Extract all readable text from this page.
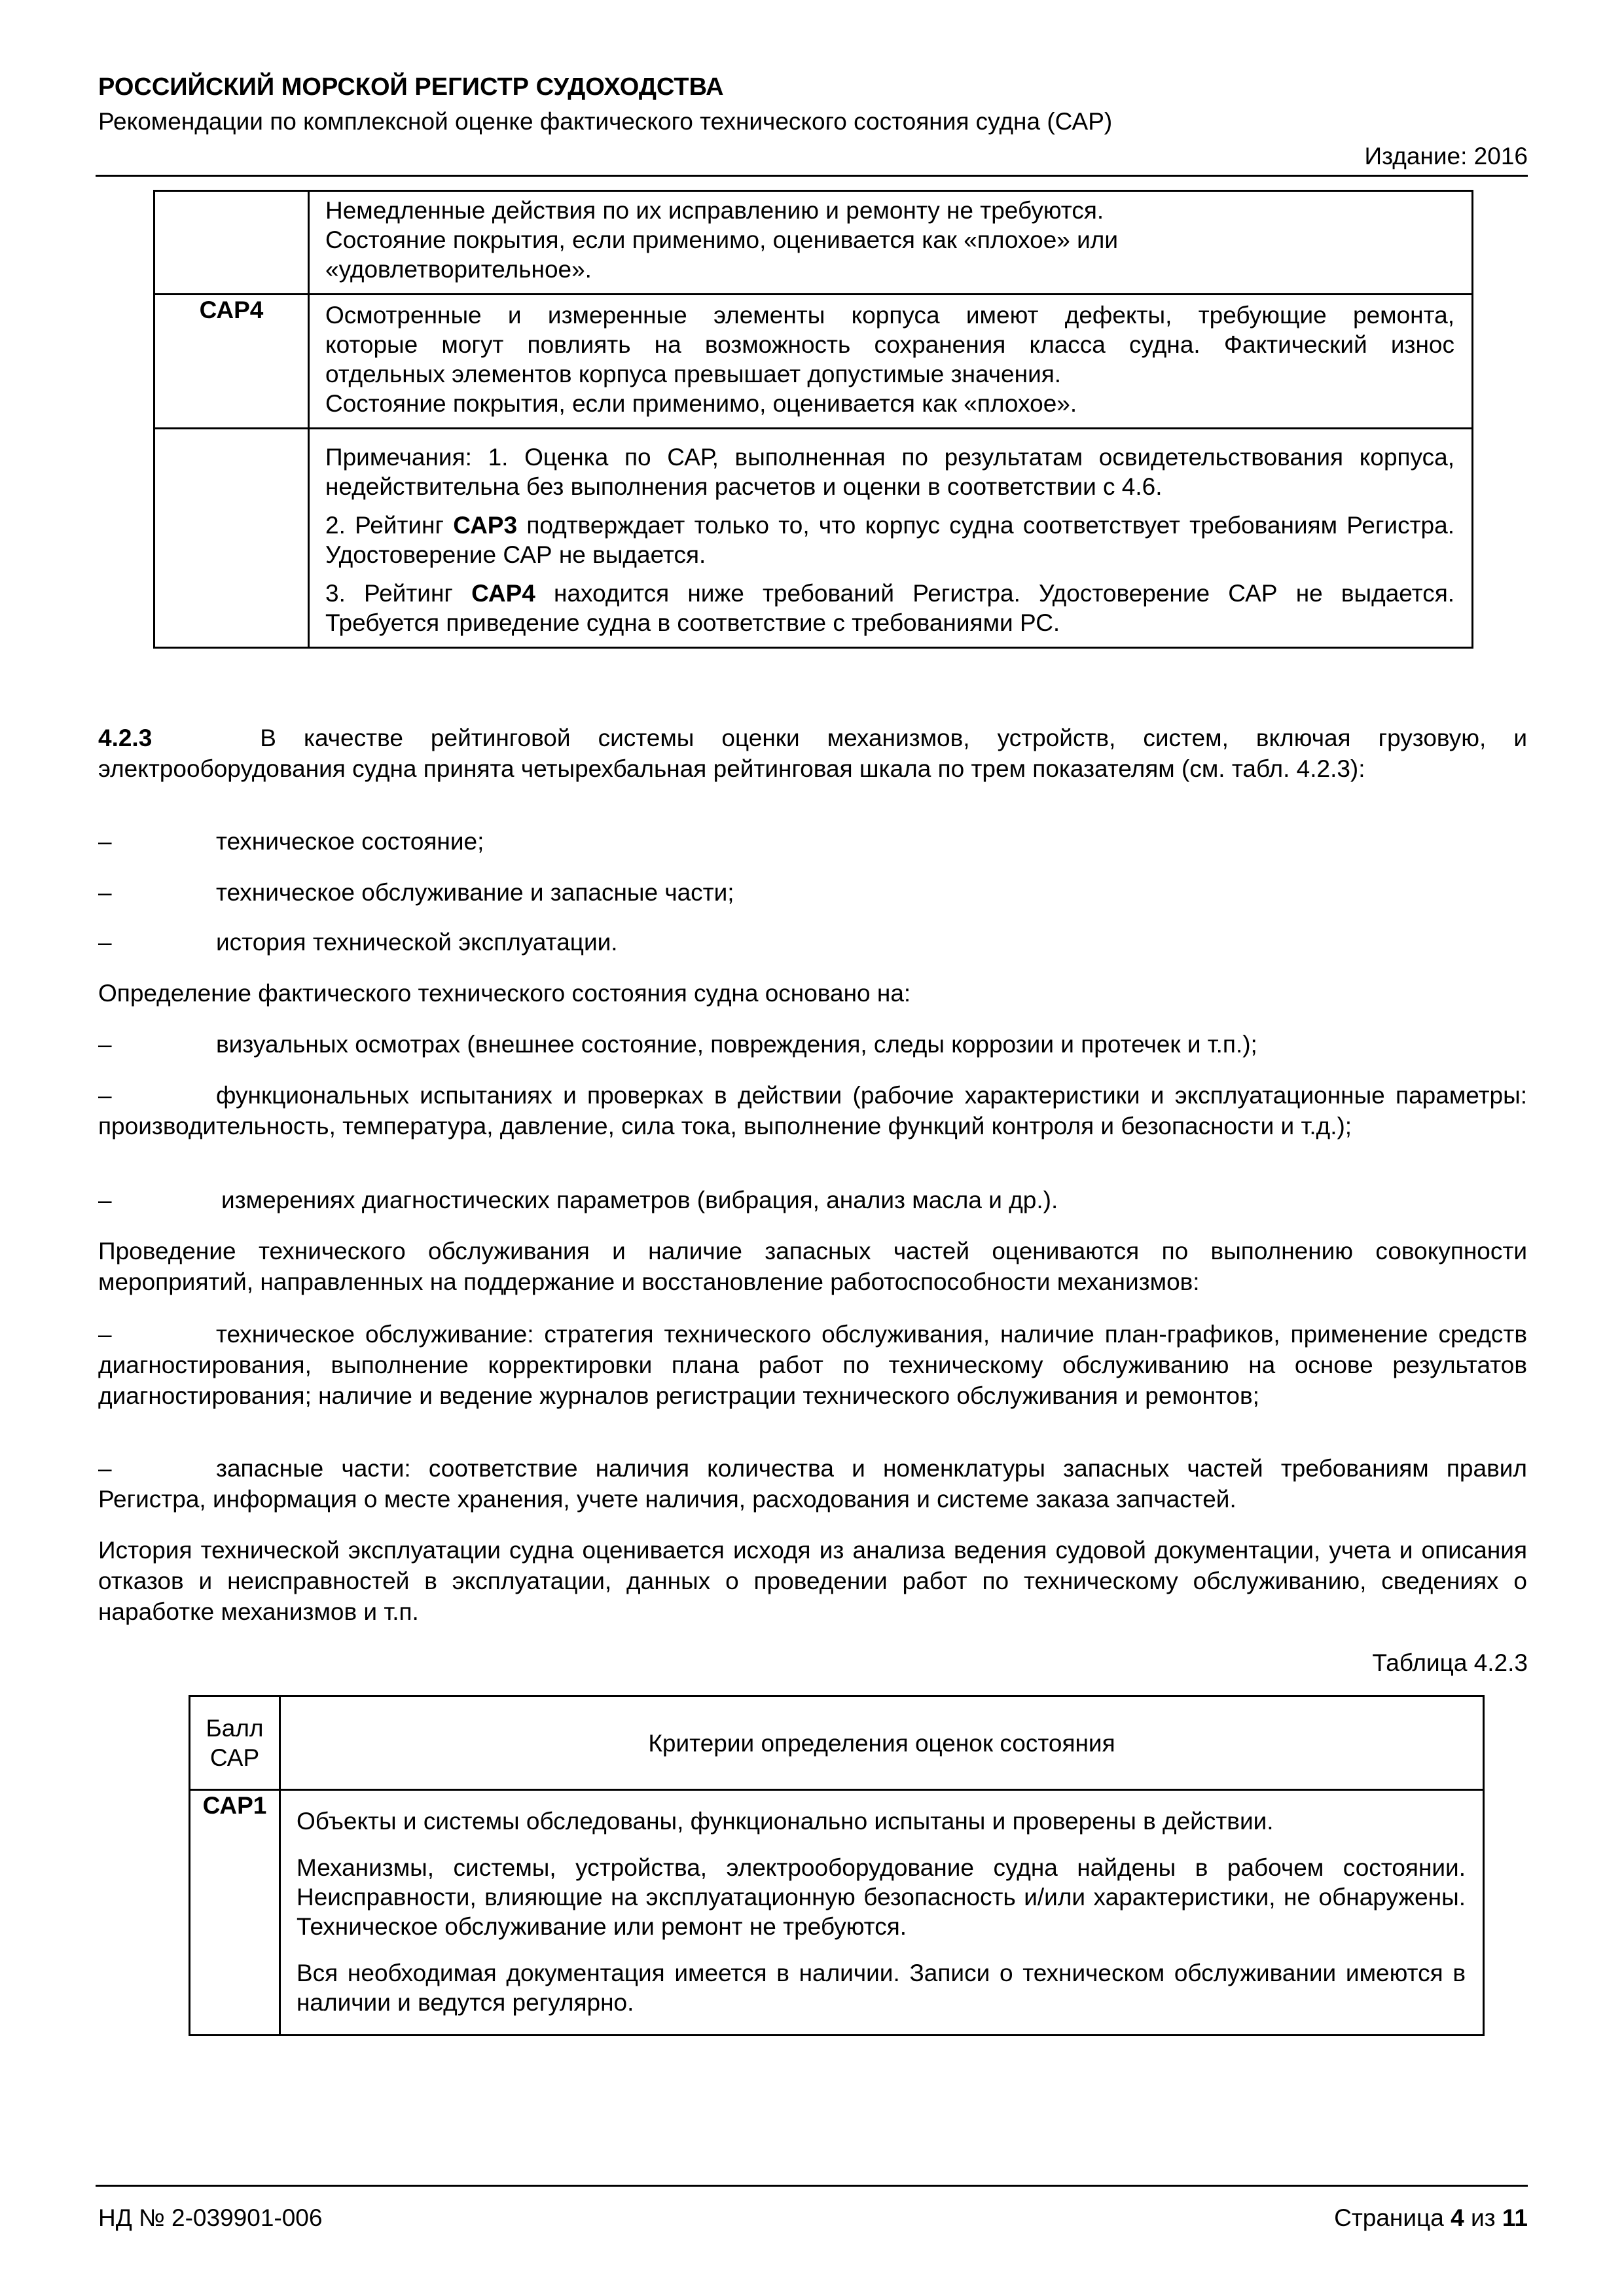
РОССИЙСКИЙ МОРСКОЙ РЕГИСТР СУДОХОДСТВА
Рекомендации по комплексной оценке фактического технического состояния судна (САР)
Издание: 2016

	Немедленные действия по их исправлению и ремонту не требуются.
Состояние покрытия, если применимо, оценивается как «плохое» или
«удовлетворительное».

САР4	Осмотренные и измеренные элементы корпуса имеют дефекты, требующие ремонта,
которые могут повлиять на возможность сохранения класса судна. Фактический износ
отдельных элементов корпуса превышает допустимые значения.
Состояние покрытия, если применимо, оценивается как «плохое».

	Примечания: 1. Оценка по САР, выполненная по результатам освидетельствования корпуса, недействительна без выполнения расчетов и оценки в соответствии с 4.6.

2. Рейтинг САР3 подтверждает только то, что корпус судна соответствует требованиям Регистра. Удостоверение САР не выдается.

3. Рейтинг САР4 находится ниже требований Регистра. Удостоверение САР не выдается. Требуется приведение судна в соответствие с требованиями РС.

4.2.3	В качестве рейтинговой системы оценки механизмов, устройств, систем, включая грузовую, и электрооборудования судна принята четырехбальная рейтинговая шкала по трем показателям (см. табл. 4.2.3):

–	техническое состояние;
–	техническое обслуживание и запасные части;
–	история технической эксплуатации.
Определение фактического технического состояния судна основано на:

–	визуальных осмотрах (внешнее состояние, повреждения, следы коррозии и протечек и т.п.);

–	функциональных испытаниях и проверках в действии (рабочие характеристики и эксплуатационные параметры: производительность, температура, давление, сила тока, выполнение функций контроля и безопасности и т.д.);

–	измерениях диагностических параметров (вибрация, анализ масла и др.).

Проведение технического обслуживания и наличие запасных частей оцениваются по выполнению совокупности мероприятий, направленных на поддержание и восстановление работоспособности механизмов:

–	техническое обслуживание: стратегия технического обслуживания, наличие план-графиков, применение средств диагностирования, выполнение корректировки плана работ по техническому обслуживанию на основе результатов диагностирования; наличие и ведение журналов регистрации технического обслуживания и ремонтов;

–	запасные части: соответствие наличия количества и номенклатуры запасных частей требованиям правил Регистра, информация о месте хранения, учете наличия, расходования и системе заказа запчастей.

История технической эксплуатации судна оценивается исходя из анализа ведения судовой документации, учета и описания отказов и неисправностей в эксплуатации, данных о проведении работ по техническому обслуживанию, сведениях о наработке механизмов и т.п.

Таблица 4.2.3
Балл
САР	Критерии определения оценок состояния
САР1	Объекты и системы обследованы, функционально испытаны и проверены в действии.

Механизмы, системы, устройства, электрооборудование судна найдены в рабочем состоянии. Неисправности, влияющие на эксплуатационную безопасность и/или характеристики, не обнаружены. Техническое обслуживание или ремонт не требуются.

Вся необходимая документация имеется в наличии. Записи о техническом обслуживании имеются в наличии и ведутся регулярно.

НД № 2-039901-006	Страница 4 из 11
